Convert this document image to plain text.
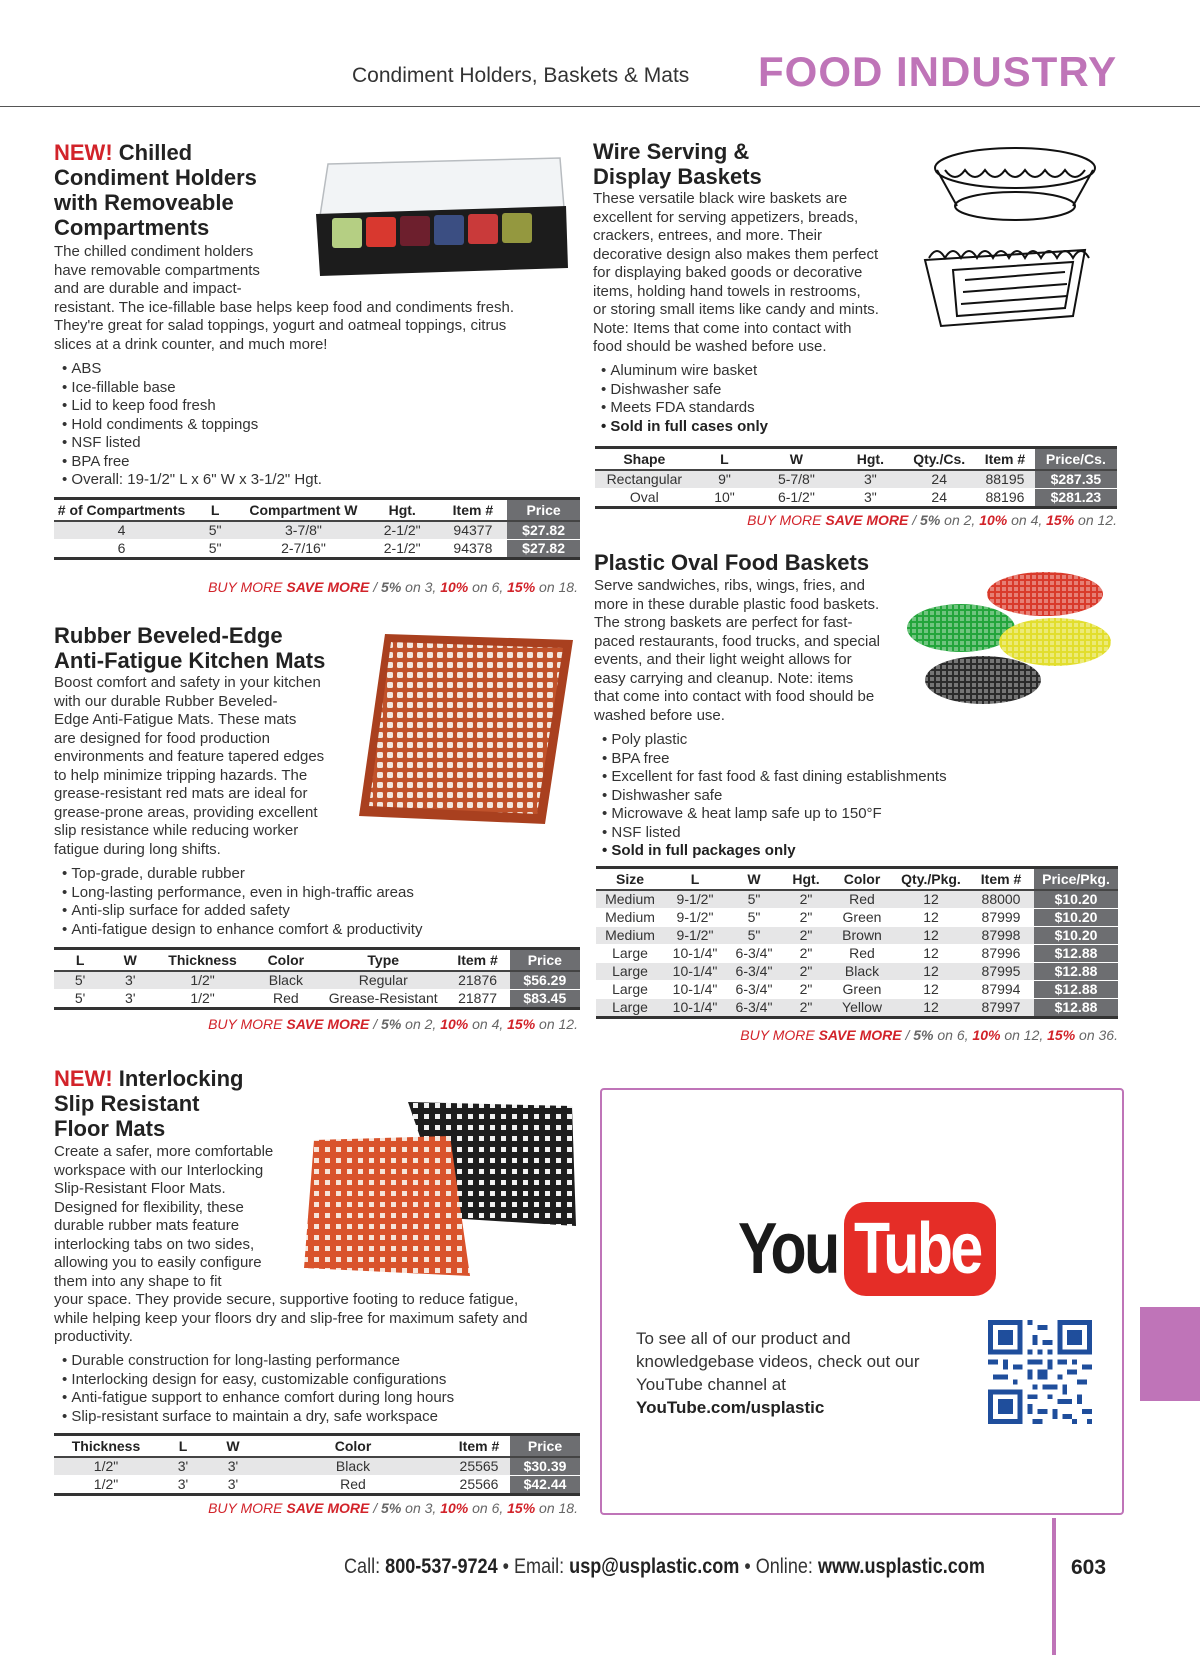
Condiment Holders, Baskets & Mats FOOD INDUSTRY
NEW! Chilled
Condiment Holders
with Removeable
Compartments
The chilled condiment holders
have removable compartments
and are durable and impact-
resistant. The ice-fillable base helps keep food and condiments fresh.
They're great for salad toppings, yogurt and oatmeal toppings, citrus
slices at a drink counter, and much more!
• ABS
• Ice-fillable base
• Lid to keep food fresh
• Hold condiments & toppings
• NSF listed
• BPA free
• Overall: 19-1/2" L x 6" W x 3-1/2" Hgt.
# of Compartments	L	Compartment W	Hgt.	Item #	Price
4	5"	3-7/8"	2-1/2"	94377	$27.82
6	5"	2-7/16"	2-1/2"	94378	$27.82
BUY MORE SAVE MORE / 5% on 3, 10% on 6, 15% on 18.
Rubber Beveled-Edge
Anti-Fatigue Kitchen Mats
Boost comfort and safety in your kitchen
with our durable Rubber Beveled-
Edge Anti-Fatigue Mats. These mats
are designed for food production
environments and feature tapered edges
to help minimize tripping hazards. The
grease-resistant red mats are ideal for
grease-prone areas, providing excellent
slip resistance while reducing worker
fatigue during long shifts.
• Top-grade, durable rubber
• Long-lasting performance, even in high-traffic areas
• Anti-slip surface for added safety
• Anti-fatigue design to enhance comfort & productivity
L	W	Thickness	Color	Type	Item #	Price
5'	3'	1/2"	Black	Regular	21876	$56.29
5'	3'	1/2"	Red	Grease-Resistant	21877	$83.45
BUY MORE SAVE MORE / 5% on 2, 10% on 4, 15% on 12.
NEW! Interlocking
Slip Resistant
Floor Mats
Create a safer, more comfortable
workspace with our Interlocking
Slip-Resistant Floor Mats.
Designed for flexibility, these
durable rubber mats feature
interlocking tabs on two sides,
allowing you to easily configure
them into any shape to fit
your space. They provide secure, supportive footing to reduce fatigue,
while helping keep your floors dry and slip-free for maximum safety and
productivity.
• Durable construction for long-lasting performance
• Interlocking design for easy, customizable configurations
• Anti-fatigue support to enhance comfort during long hours
• Slip-resistant surface to maintain a dry, safe workspace
Thickness	L	W	Color	Item #	Price
1/2"	3'	3'	Black	25565	$30.39
1/2"	3'	3'	Red	25566	$42.44
BUY MORE SAVE MORE / 5% on 3, 10% on 6, 15% on 18.
Wire Serving &
Display Baskets
These versatile black wire baskets are
excellent for serving appetizers, breads,
crackers, entrees, and more. Their
decorative design also makes them perfect
for displaying baked goods or decorative
items, holding hand towels in restrooms,
or storing small items like candy and mints.
Note: Items that come into contact with
food should be washed before use.
• Aluminum wire basket
• Dishwasher safe
• Meets FDA standards
• Sold in full cases only
Shape	L	W	Hgt.	Qty./Cs.	Item #	Price/Cs.
Rectangular	9"	5-7/8"	3"	24	88195	$287.35
Oval	10"	6-1/2"	3"	24	88196	$281.23
BUY MORE SAVE MORE / 5% on 2, 10% on 4, 15% on 12.
Plastic Oval Food Baskets
Serve sandwiches, ribs, wings, fries, and
more in these durable plastic food baskets.
The strong baskets are perfect for fast-
paced restaurants, food trucks, and special
events, and their light weight allows for
easy carrying and cleanup. Note: items
that come into contact with food should be
washed before use.
• Poly plastic
• BPA free
• Excellent for fast food & fast dining establishments
• Dishwasher safe
• Microwave & heat lamp safe up to 150°F
• NSF listed
• Sold in full packages only
Size	L	W	Hgt.	Color	Qty./Pkg.	Item #	Price/Pkg.
Medium	9-1/2"	5"	2"	Red	12	88000	$10.20
Medium	9-1/2"	5"	2"	Green	12	87999	$10.20
Medium	9-1/2"	5"	2"	Brown	12	87998	$10.20
Large	10-1/4"	6-3/4"	2"	Red	12	87996	$12.88
Large	10-1/4"	6-3/4"	2"	Black	12	87995	$12.88
Large	10-1/4"	6-3/4"	2"	Green	12	87994	$12.88
Large	10-1/4"	6-3/4"	2"	Yellow	12	87997	$12.88
BUY MORE SAVE MORE / 5% on 6, 10% on 12, 15% on 36.
You Tube
To see all of our product and
knowledgebase videos, check out our
YouTube channel at
YouTube.com/usplastic
Call: 800-537-9724 • Email: usp@usplastic.com • Online: www.usplastic.com	603
